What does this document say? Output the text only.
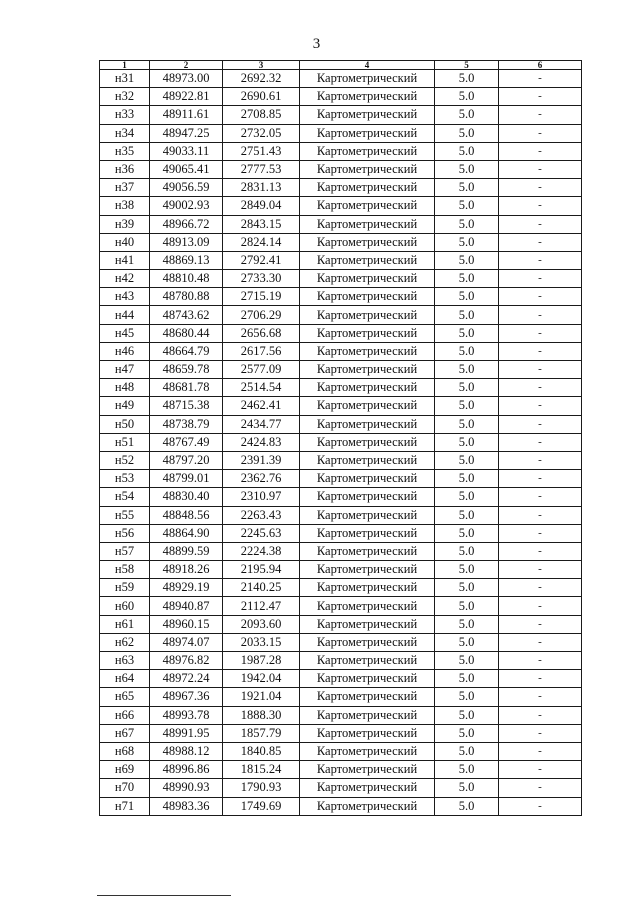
3
1	2	3	4	5	6
н31	48973.00	2692.32	Картометрический	5.0	-
н32	48922.81	2690.61	Картометрический	5.0	-
н33	48911.61	2708.85	Картометрический	5.0	-
н34	48947.25	2732.05	Картометрический	5.0	-
н35	49033.11	2751.43	Картометрический	5.0	-
н36	49065.41	2777.53	Картометрический	5.0	-
н37	49056.59	2831.13	Картометрический	5.0	-
н38	49002.93	2849.04	Картометрический	5.0	-
н39	48966.72	2843.15	Картометрический	5.0	-
н40	48913.09	2824.14	Картометрический	5.0	-
н41	48869.13	2792.41	Картометрический	5.0	-
н42	48810.48	2733.30	Картометрический	5.0	-
н43	48780.88	2715.19	Картометрический	5.0	-
н44	48743.62	2706.29	Картометрический	5.0	-
н45	48680.44	2656.68	Картометрический	5.0	-
н46	48664.79	2617.56	Картометрический	5.0	-
н47	48659.78	2577.09	Картометрический	5.0	-
н48	48681.78	2514.54	Картометрический	5.0	-
н49	48715.38	2462.41	Картометрический	5.0	-
н50	48738.79	2434.77	Картометрический	5.0	-
н51	48767.49	2424.83	Картометрический	5.0	-
н52	48797.20	2391.39	Картометрический	5.0	-
н53	48799.01	2362.76	Картометрический	5.0	-
н54	48830.40	2310.97	Картометрический	5.0	-
н55	48848.56	2263.43	Картометрический	5.0	-
н56	48864.90	2245.63	Картометрический	5.0	-
н57	48899.59	2224.38	Картометрический	5.0	-
н58	48918.26	2195.94	Картометрический	5.0	-
н59	48929.19	2140.25	Картометрический	5.0	-
н60	48940.87	2112.47	Картометрический	5.0	-
н61	48960.15	2093.60	Картометрический	5.0	-
н62	48974.07	2033.15	Картометрический	5.0	-
н63	48976.82	1987.28	Картометрический	5.0	-
н64	48972.24	1942.04	Картометрический	5.0	-
н65	48967.36	1921.04	Картометрический	5.0	-
н66	48993.78	1888.30	Картометрический	5.0	-
н67	48991.95	1857.79	Картометрический	5.0	-
н68	48988.12	1840.85	Картометрический	5.0	-
н69	48996.86	1815.24	Картометрический	5.0	-
н70	48990.93	1790.93	Картометрический	5.0	-
н71	48983.36	1749.69	Картометрический	5.0	-
